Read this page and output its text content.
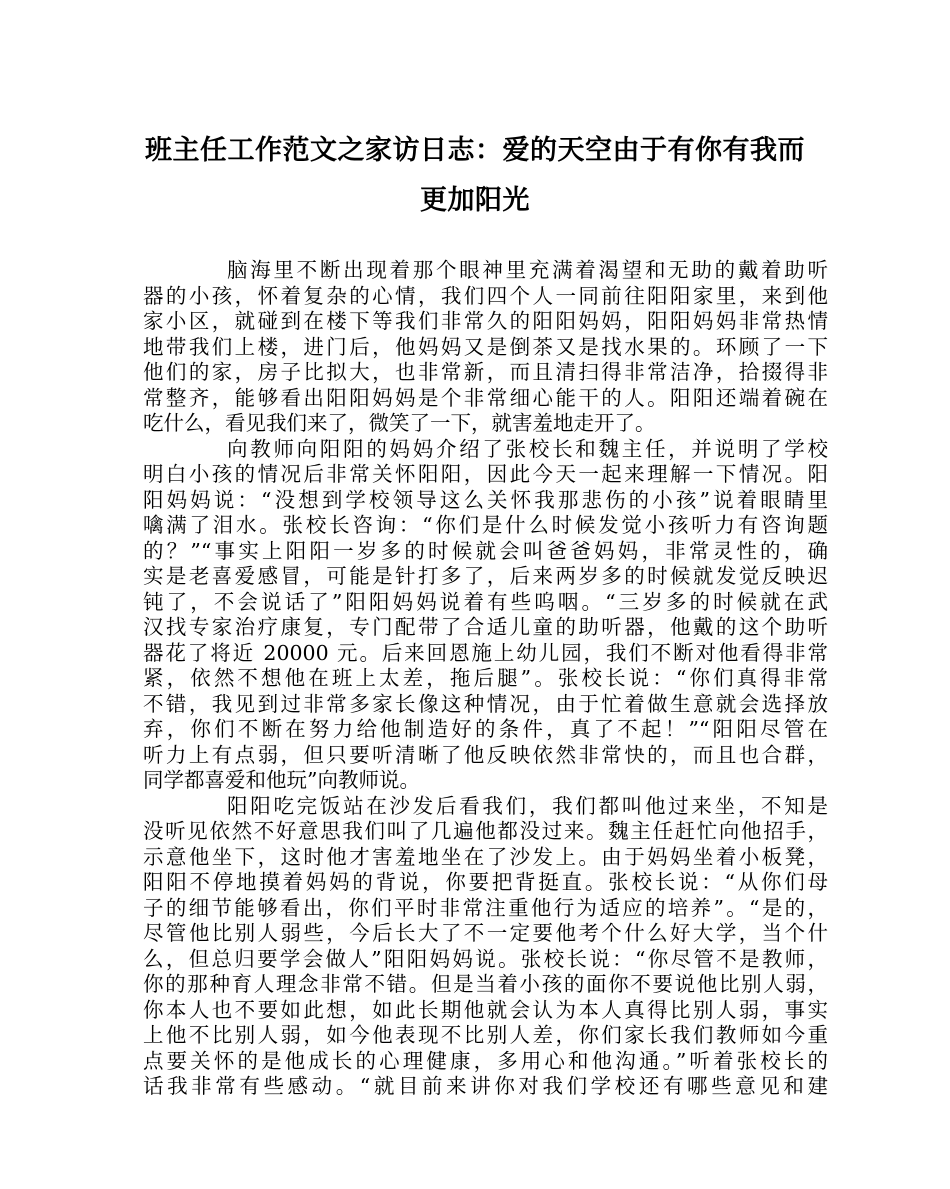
班主任工作范文之家访日志：爱的天空由于有你有我而
更加阳光
脑海里不断出现着那个眼神里充满着渴望和无助的戴着助听
器的小孩，怀着复杂的心情，我们四个人一同前往阳阳家里，来到他
家小区，就碰到在楼下等我们非常久的阳阳妈妈，阳阳妈妈非常热情
地带我们上楼，进门后，他妈妈又是倒茶又是找水果的。环顾了一下
他们的家，房子比拟大，也非常新，而且清扫得非常洁净，拾掇得非
常整齐，能够看出阳阳妈妈是个非常细心能干的人。阳阳还端着碗在
吃什么，看见我们来了，微笑了一下，就害羞地走开了。
向教师向阳阳的妈妈介绍了张校长和魏主任，并说明了学校
明白小孩的情况后非常关怀阳阳，因此今天一起来理解一下情况。阳
阳妈妈说：“没想到学校领导这么关怀我那悲伤的小孩”说着眼睛里
噙满了泪水。张校长咨询：“你们是什么时候发觉小孩听力有咨询题
的？”“事实上阳阳一岁多的时候就会叫爸爸妈妈，非常灵性的，确
实是老喜爱感冒，可能是针打多了，后来两岁多的时候就发觉反映迟
钝了，不会说话了”阳阳妈妈说着有些呜咽。“三岁多的时候就在武
汉找专家治疗康复，专门配带了合适儿童的助听器，他戴的这个助听
器花了将近 20000 元。后来回恩施上幼儿园，我们不断对他看得非常
紧，依然不想他在班上太差，拖后腿”。张校长说：“你们真得非常
不错，我见到过非常多家长像这种情况，由于忙着做生意就会选择放
弃，你们不断在努力给他制造好的条件，真了不起！”“阳阳尽管在
听力上有点弱，但只要听清晰了他反映依然非常快的，而且也合群，
同学都喜爱和他玩”向教师说。
阳阳吃完饭站在沙发后看我们，我们都叫他过来坐，不知是
没听见依然不好意思我们叫了几遍他都没过来。魏主任赶忙向他招手，
示意他坐下，这时他才害羞地坐在了沙发上。由于妈妈坐着小板凳，
阳阳不停地摸着妈妈的背说，你要把背挺直。张校长说：“从你们母
子的细节能够看出，你们平时非常注重他行为适应的培养”。“是的，
尽管他比别人弱些，今后长大了不一定要他考个什么好大学，当个什
么，但总归要学会做人”阳阳妈妈说。张校长说：“你尽管不是教师，
你的那种育人理念非常不错。但是当着小孩的面你不要说他比别人弱，
你本人也不要如此想，如此长期他就会认为本人真得比别人弱，事实
上他不比别人弱，如今他表现不比别人差，你们家长我们教师如今重
点要关怀的是他成长的心理健康，多用心和他沟通。”听着张校长的
话我非常有些感动。“就目前来讲你对我们学校还有哪些意见和建
